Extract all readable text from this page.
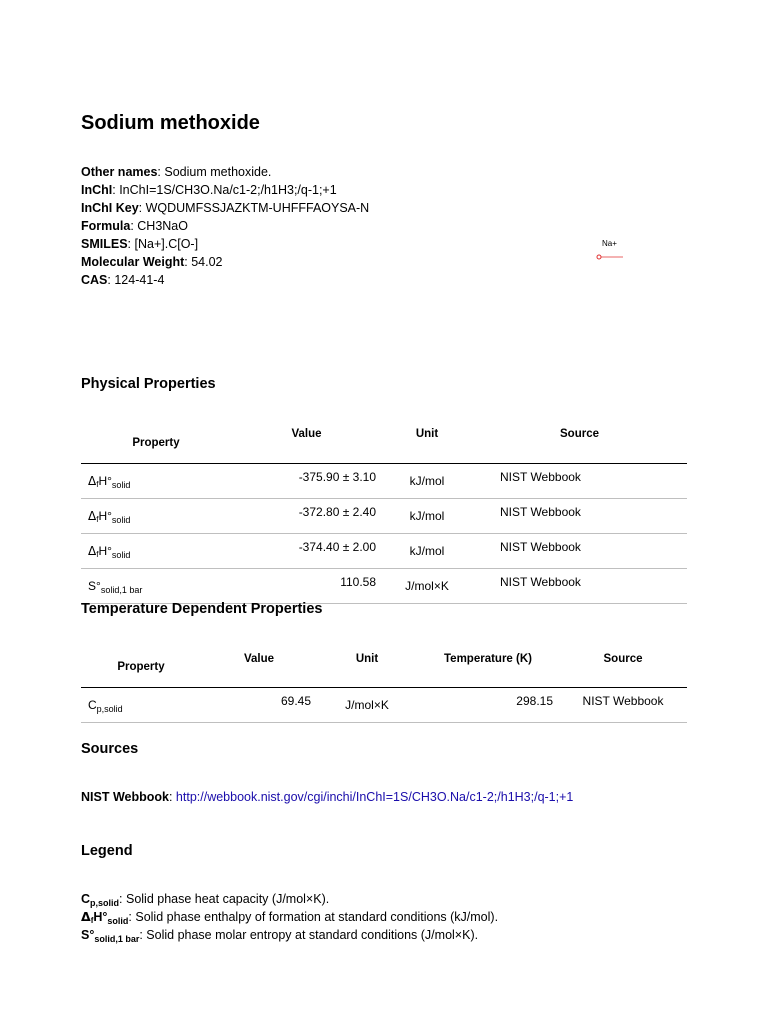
Sodium methoxide
Other names: Sodium methoxide.
InChI: InChI=1S/CH3O.Na/c1-2;/h1H3;/q-1;+1
InChI Key: WQDUMFSSJAZKTM-UHFFFAOYSA-N
Formula: CH3NaO
SMILES: [Na+].C[O-]
Molecular Weight: 54.02
CAS: 124-41-4
Na+
Physical Properties
Property	Value	Unit	Source
$\Delta_fH^\circ_{solid}$	-375.90 ± 3.10	kJ/mol	NIST Webbook
$\Delta_fH^\circ_{solid}$	-372.80 ± 2.40	kJ/mol	NIST Webbook
$\Delta_fH^\circ_{solid}$	-374.40 ± 2.00	kJ/mol	NIST Webbook
$S^\circ_{solid,1 bar}$	110.58	J/mol×K	NIST Webbook
Temperature Dependent Properties
Property	Value	Unit	Temperature (K)	Source
$C_{p,solid}$	69.45	J/mol×K	298.15	NIST Webbook
Sources
NIST Webbook: http://webbook.nist.gov/cgi/inchi/InChI=1S/CH3O.Na/c1-2;/h1H3;/q-1;+1
Legend
$C_{p,solid}$: Solid phase heat capacity (J/mol×K).
$\Delta_fH^\circ_{solid}$: Solid phase enthalpy of formation at standard conditions (kJ/mol).
$S^\circ_{solid,1 bar}$: Solid phase molar entropy at standard conditions (J/mol×K).
